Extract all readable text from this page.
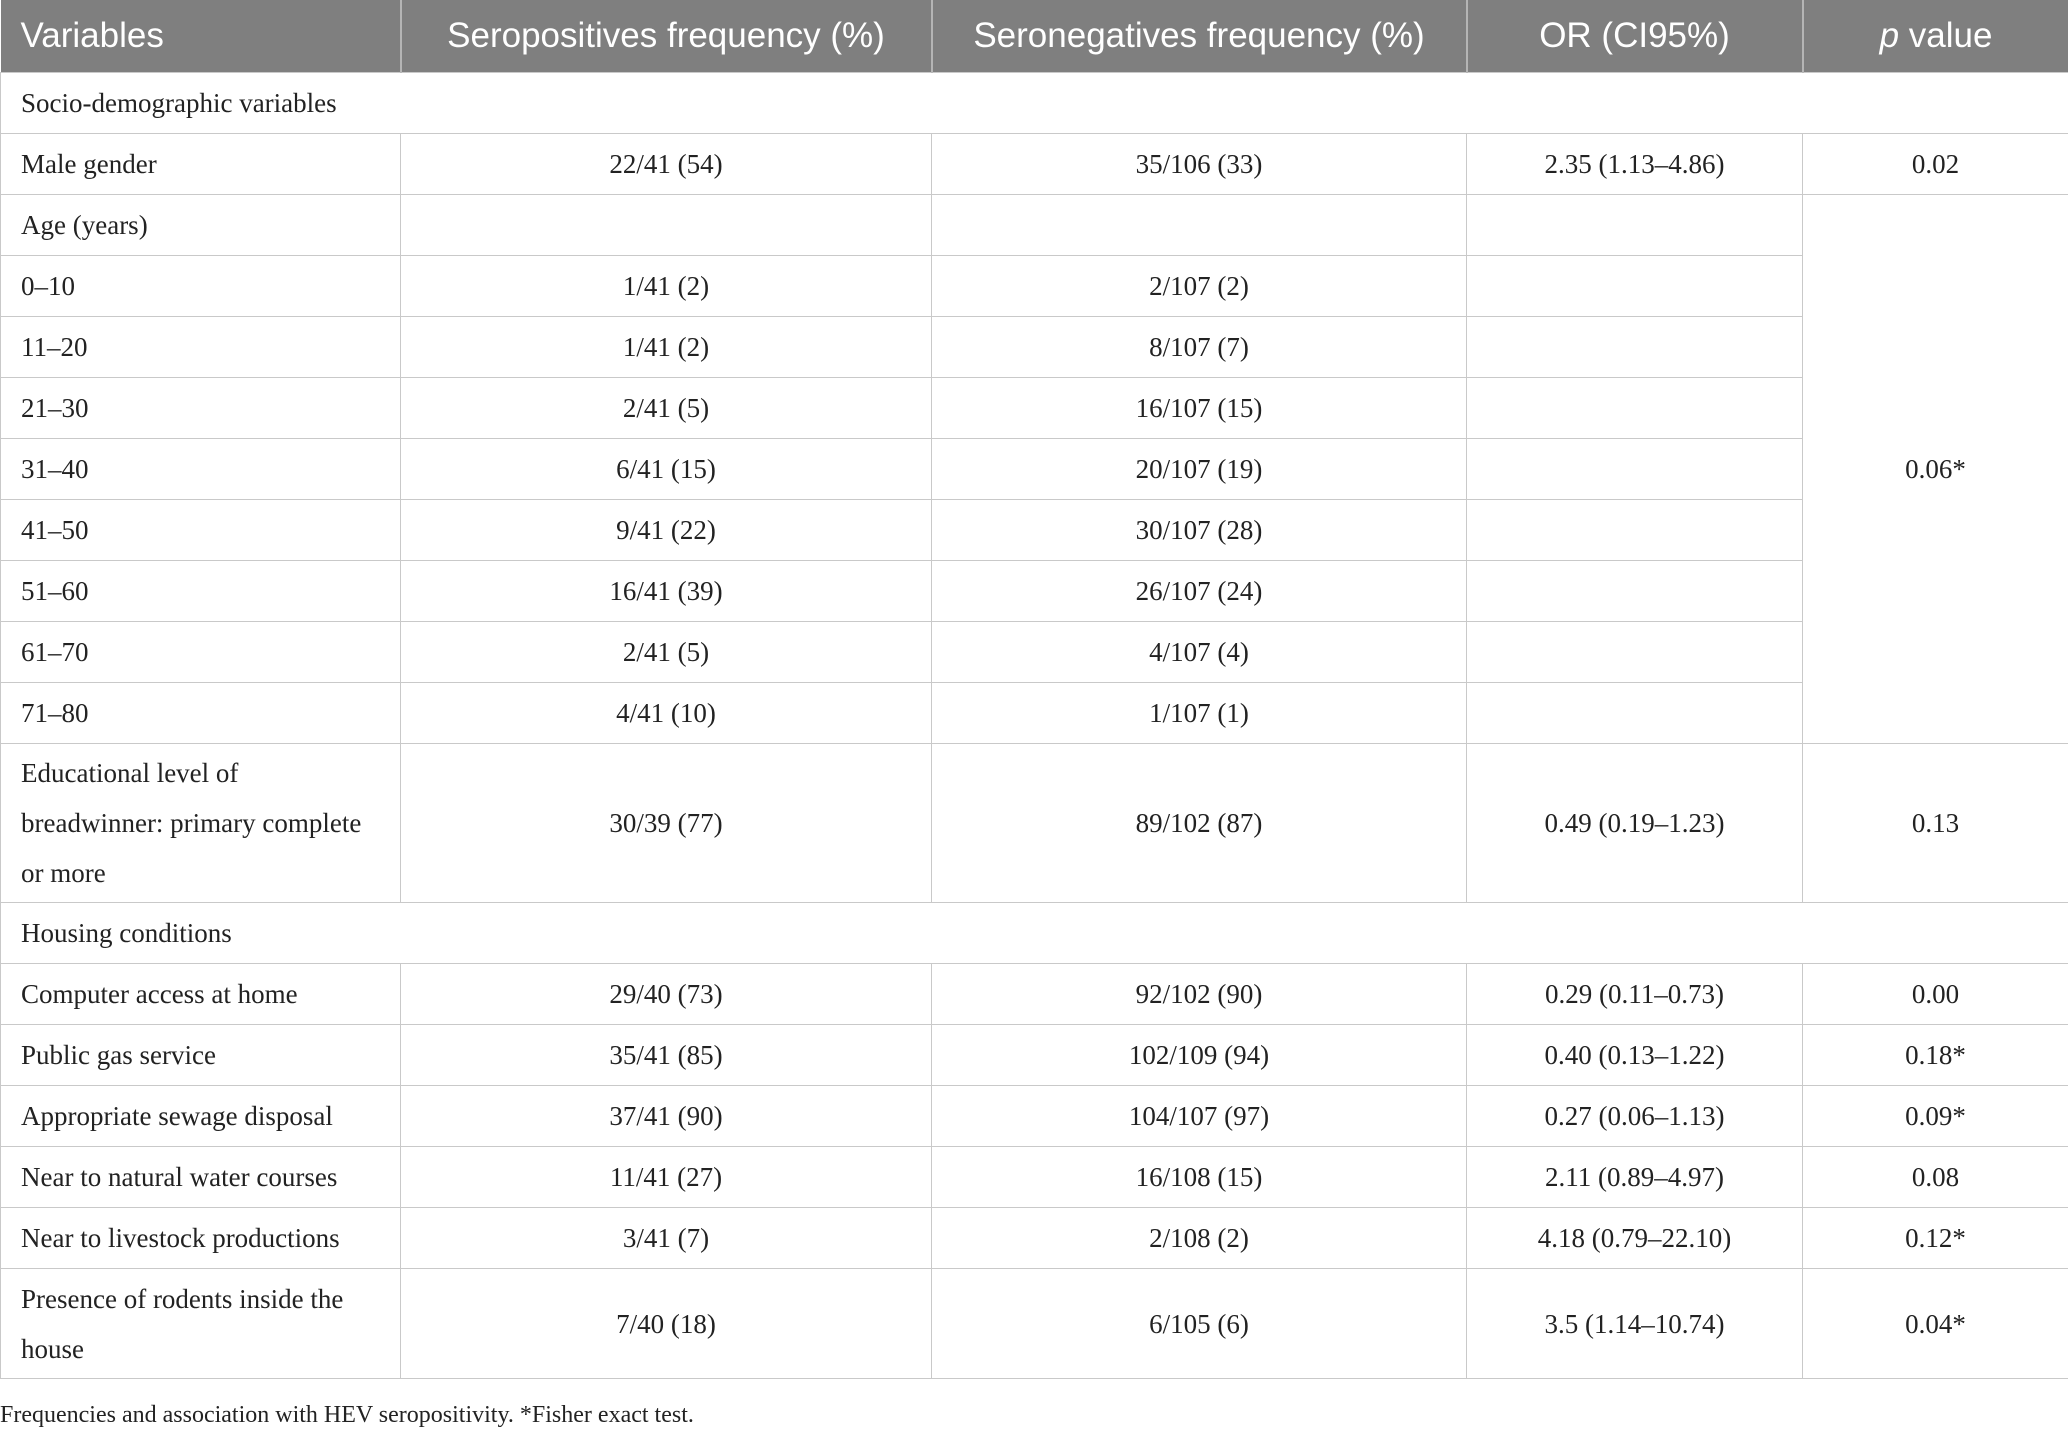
Variables	Seropositives frequency (%)	Seronegatives frequency (%)	OR (CI95%)	p value
Socio-demographic variables				
Male gender	22/41 (54)	35/106 (33)	2.35 (1.13–4.86)	0.02
Age (years)				0.06*
0–10	1/41 (2)	2/107 (2)		
11–20	1/41 (2)	8/107 (7)		
21–30	2/41 (5)	16/107 (15)		
31–40	6/41 (15)	20/107 (19)		
41–50	9/41 (22)	30/107 (28)		
51–60	16/41 (39)	26/107 (24)		
61–70	2/41 (5)	4/107 (4)		
71–80	4/41 (10)	1/107 (1)		
Educational level of breadwinner: primary complete or more	30/39 (77)	89/102 (87)	0.49 (0.19–1.23)	0.13
Housing conditions				
Computer access at home	29/40 (73)	92/102 (90)	0.29 (0.11–0.73)	0.00
Public gas service	35/41 (85)	102/109 (94)	0.40 (0.13–1.22)	0.18*
Appropriate sewage disposal	37/41 (90)	104/107 (97)	0.27 (0.06–1.13)	0.09*
Near to natural water courses	11/41 (27)	16/108 (15)	2.11 (0.89–4.97)	0.08
Near to livestock productions	3/41 (7)	2/108 (2)	4.18 (0.79–22.10)	0.12*
Presence of rodents inside the house	7/40 (18)	6/105 (6)	3.5 (1.14–10.74)	0.04*
Frequencies and association with HEV seropositivity. *Fisher exact test.
